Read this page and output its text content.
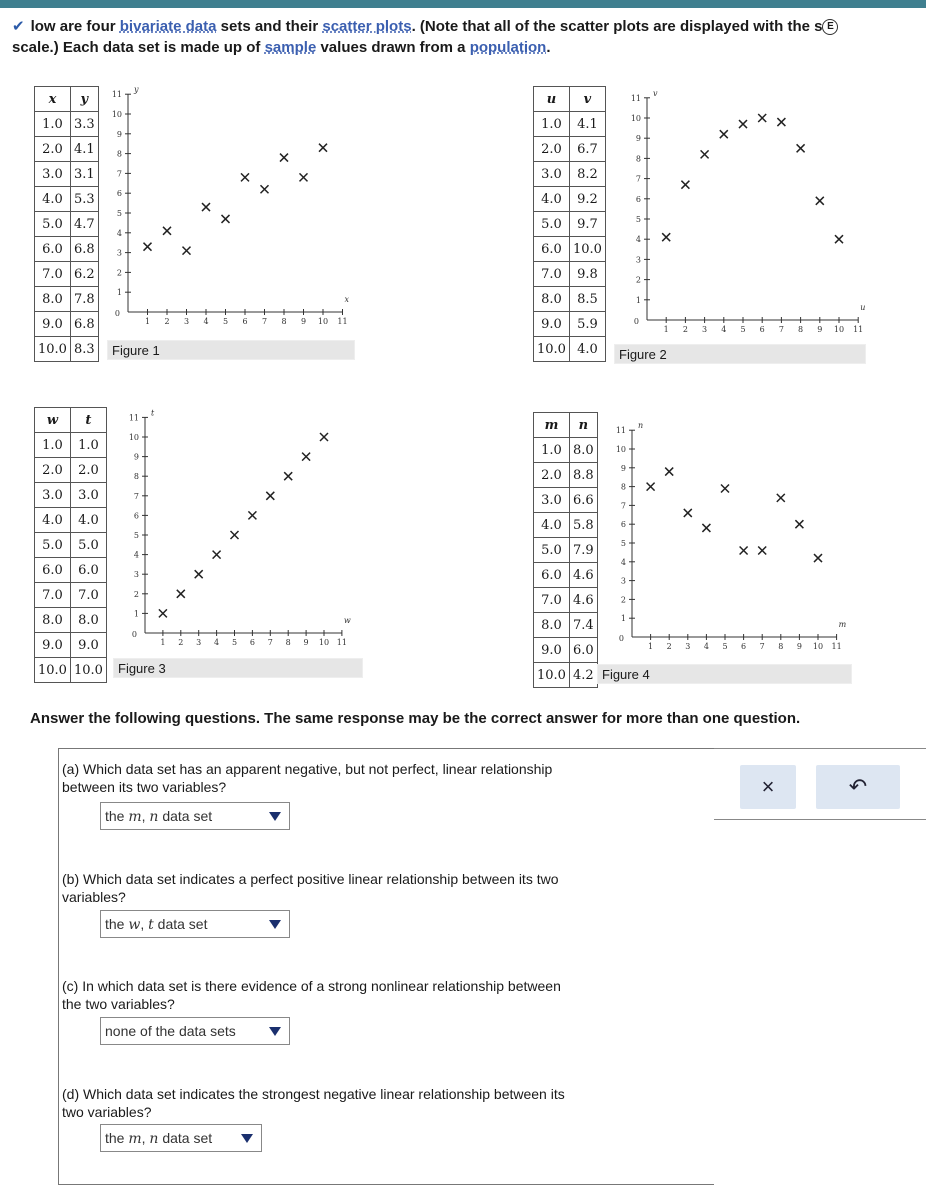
✔ low are four bivariate data sets and their scatter plots. (Note that all of the scatter plots are displayed with the s E
scale.) Each data set is made up of sample values drawn from a population.
x	y
1.0	3.3
2.0	4.1
3.0	3.1
4.0	5.3
5.0	4.7
6.0	6.8
7.0	6.2
8.0	7.8
9.0	6.8
10.0	8.3
u	v
1.0	4.1
2.0	6.7
3.0	8.2
4.0	9.2
5.0	9.7
6.0	10.0
7.0	9.8
8.0	8.5
9.0	5.9
10.0	4.0
w	t
1.0	1.0
2.0	2.0
3.0	3.0
4.0	4.0
5.0	5.0
6.0	6.0
7.0	7.0
8.0	8.0
9.0	9.0
10.0	10.0
m	n
1.0	8.0
2.0	8.8
3.0	6.6
4.0	5.8
5.0	7.9
6.0	4.6
7.0	4.6
8.0	7.4
9.0	6.0
10.0	4.2
1 2 3 4 5 6 7 8 9 10 11
1
2
3
4
5
6
7
8
9
10
11
0
x
y
1 2 3 4 5 6 7 8 9 10 11
1
2
3
4
5
6
7
8
9
10
11
0
u
v
1 2 3 4 5 6 7 8 9 10 11
1
2
3
4
5
6
7
8
9
10
11
0
w
t
1 2 3 4 5 6 7 8 9 10 11
1
2
3
4
5
6
7
8
9
10
11
0
m
n
Figure 1	Figure 2
Figure 3	Figure 4
Answer the following questions. The same response may be the correct answer for more than one question.
(a) Which data set has an apparent negative, but not perfect, linear relationship
between its two variables?
the m, n data set
(b) Which data set indicates a perfect positive linear relationship between its two
variables?
the w, t data set
(c) In which data set is there evidence of a strong nonlinear relationship between
the two variables?
none of the data sets
(d) Which data set indicates the strongest negative linear relationship between its
two variables?
the m, n data set
×	↶
